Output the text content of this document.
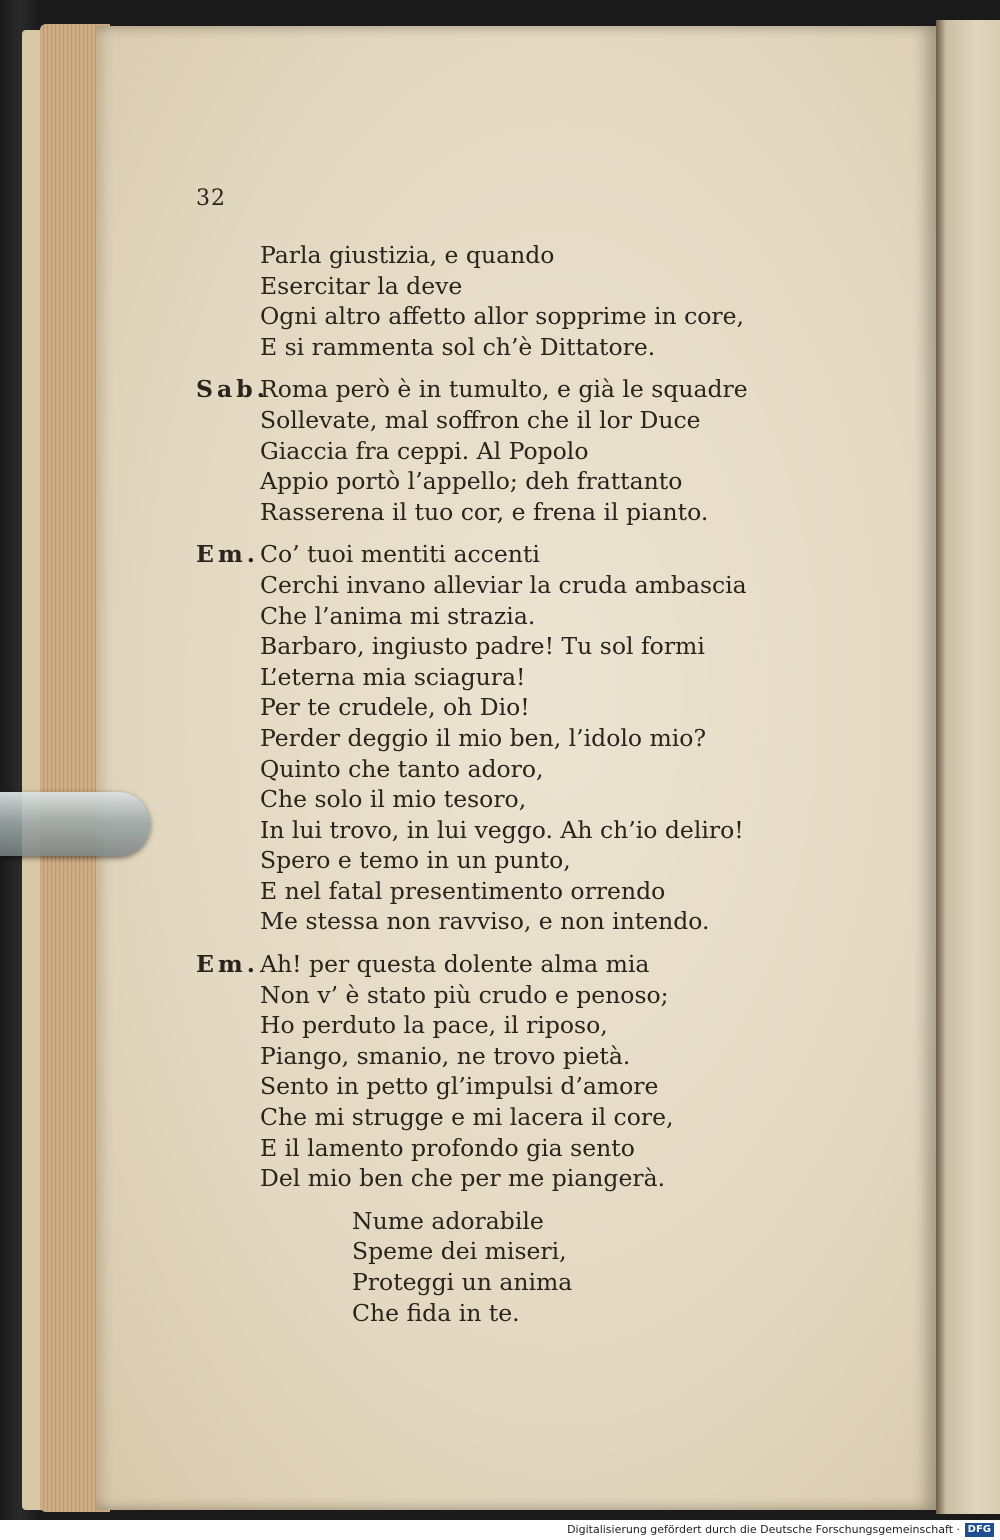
32
Parla giustizia, e quando
Esercitar la deve
Ogni altro affetto allor sopprime in core,
E si rammenta sol ch’è Dittatore.
Sab.Roma però è in tumulto, e già le squadre
Sollevate, mal soffron che il lor Duce
Giaccia fra ceppi. Al Popolo
Appio portò l’appello; deh frattanto
Rasserena il tuo cor, e frena il pianto.
Em.Co’ tuoi mentiti accenti
Cerchi invano alleviar la cruda ambascia
Che l’anima mi strazia.
Barbaro, ingiusto padre! Tu sol formi
L’eterna mia sciagura!
Per te crudele, oh Dio!
Perder deggio il mio ben, l’idolo mio?
Quinto che tanto adoro,
Che solo il mio tesoro,
In lui trovo, in lui veggo. Ah ch’io deliro!
Spero e temo in un punto,
E nel fatal presentimento orrendo
Me stessa non ravviso, e non intendo.
Em.Ah! per questa dolente alma mia
Non v’ è stato più crudo e penoso;
Ho perduto la pace, il riposo,
Piango, smanio, ne trovo pietà.
Sento in petto gl’impulsi d’amore
Che mi strugge e mi lacera il core,
E il lamento profondo gia sento
Del mio ben che per me piangerà.
Nume adorabile
Speme dei miseri,
Proteggi un anima
Che fida in te.
Digitalisierung gefördert durch die Deutsche Forschungsgemeinschaft · DFG
